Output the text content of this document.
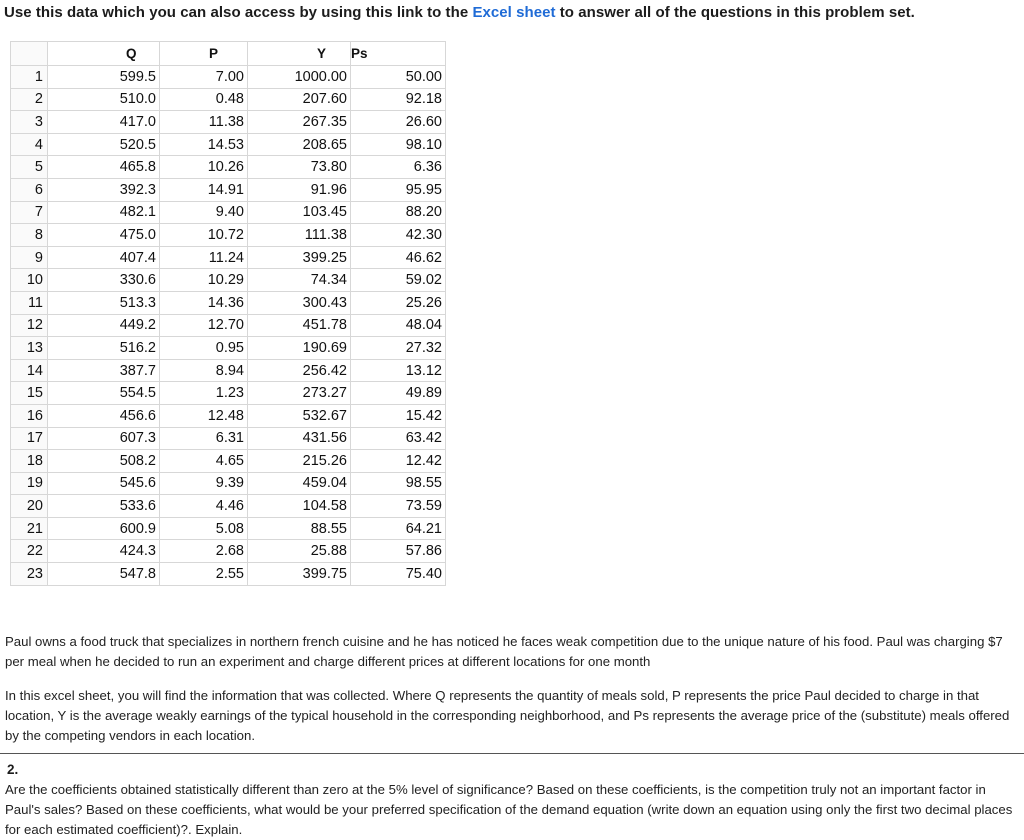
Use this data which you can also access by using this link to the Excel sheet to answer all of the questions in this problem set.
	Q	P	Y	Ps
1	599.5	7.00	1000.00	50.00
2	510.0	0.48	207.60	92.18
3	417.0	11.38	267.35	26.60
4	520.5	14.53	208.65	98.10
5	465.8	10.26	73.80	6.36
6	392.3	14.91	91.96	95.95
7	482.1	9.40	103.45	88.20
8	475.0	10.72	111.38	42.30
9	407.4	11.24	399.25	46.62
10	330.6	10.29	74.34	59.02
11	513.3	14.36	300.43	25.26
12	449.2	12.70	451.78	48.04
13	516.2	0.95	190.69	27.32
14	387.7	8.94	256.42	13.12
15	554.5	1.23	273.27	49.89
16	456.6	12.48	532.67	15.42
17	607.3	6.31	431.56	63.42
18	508.2	4.65	215.26	12.42
19	545.6	9.39	459.04	98.55
20	533.6	4.46	104.58	73.59
21	600.9	5.08	88.55	64.21
22	424.3	2.68	25.88	57.86
23	547.8	2.55	399.75	75.40
Paul owns a food truck that specializes in northern french cuisine and he has noticed he faces weak competition due to the unique nature of his food. Paul was charging $7 per meal when he decided to run an experiment and charge different prices at different locations for one month
In this excel sheet, you will find the information that was collected. Where Q represents the quantity of meals sold, P represents the price Paul decided to charge in that location, Y is the average weakly earnings of the typical household in the corresponding neighborhood, and Ps represents the average price of the (substitute) meals offered by the competing vendors in each location.
2.
Are the coefficients obtained statistically different than zero at the 5% level of significance? Based on these coefficients, is the competition truly not an important factor in Paul's sales? Based on these coefficients, what would be your preferred specification of the demand equation (write down an equation using only the first two decimal places for each estimated coefficient)?. Explain.
